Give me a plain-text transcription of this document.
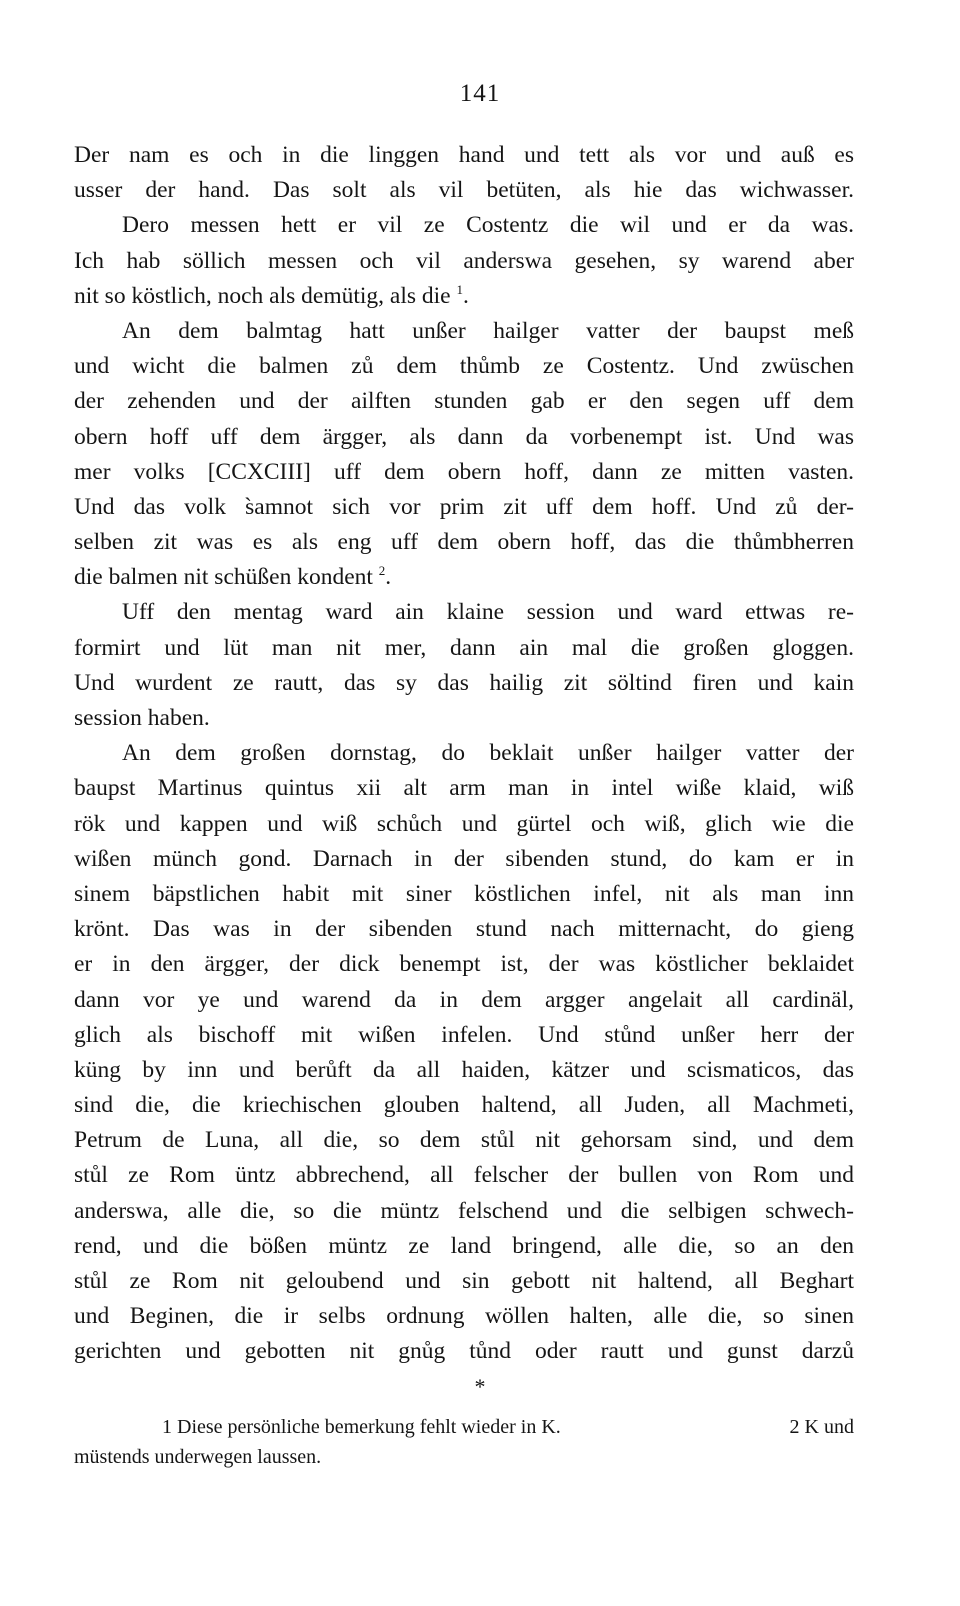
141
Der nam es och in die linggen hand und tett als vor und auß es
usser der hand. Das solt als vil betüten, als hie das wichwasser.
Dero messen hett er vil ze Costentz die wil und er da was.
Ich hab söllich messen och vil anderswa gesehen, sy warend aber
nit so köstlich, noch als demütig, als die $^1$.
An dem balmtag hatt unßer hailger vatter der baupst meß
und wicht die balmen zů dem thůmb ze Costentz. Und zwüschen
der zehenden und der ailften stunden gab er den segen uff dem
obern hoff uff dem ärgger, als dann da vorbenempt ist. Und was
mer volks [CCXCIII] uff dem obern hoff, dann ze mitten vasten.
Und das volk s̀amnot sich vor prim zit uff dem hoff. Und zů der-
selben zit was es als eng uff dem obern hoff, das die thůmbherren
die balmen nit schüßen kondent $^2$.
Uff den mentag ward ain klaine session und ward ettwas re-
formirt und lüt man nit mer, dann ain mal die großen gloggen.
Und wurdent ze rautt, das sy das hailig zit söltind firen und kain
session haben.
An dem großen dornstag, do beklait unßer hailger vatter der
baupst Martinus quintus xii alt arm man in intel wiße klaid, wiß
rök und kappen und wiß schůch und gürtel och wiß, glich wie die
wißen münch gond. Darnach in der sibenden stund, do kam er in
sinem bäpstlichen habit mit siner köstlichen infel, nit als man inn
krönt. Das was in der sibenden stund nach mitternacht, do gieng
er in den ärgger, der dick benempt ist, der was köstlicher beklaidet
dann vor ye und warend da in dem argger angelait all cardinäl,
glich als bischoff mit wißen infelen. Und stůnd unßer herr der
küng by inn und berůft da all haiden, kätzer und scismaticos, das
sind die, die kriechischen glouben haltend, all Juden, all Machmeti,
Petrum de Luna, all die, so dem stůl nit gehorsam sind, und dem
stůl ze Rom üntz abbrechend, all felscher der bullen von Rom und
anderswa, alle die, so die müntz felschend und die selbigen schwech-
rend, und die bößen müntz ze land bringend, alle die, so an den
stůl ze Rom nit geloubend und sin gebott nit haltend, all Beghart
und Beginen, die ir selbs ordnung wöllen halten, alle die, so sinen
gerichten und gebotten nit gnůg tůnd oder rautt und gunst darzů
*
1 Diese persönliche bemerkung fehlt wieder in K.	2 K und
müstends underwegen laussen.
